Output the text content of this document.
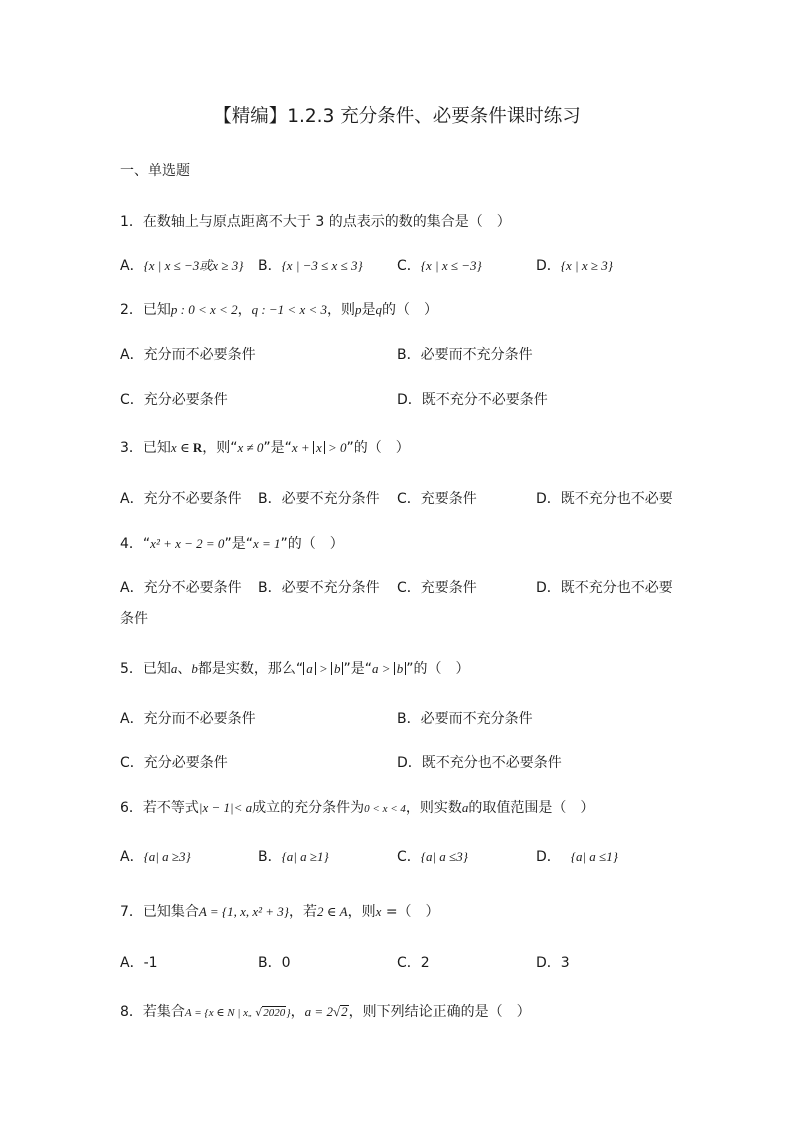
【精编】1.2.3 充分条件、必要条件课时练习
一、单选题
1．在数轴上与原点距离不大于 3 的点表示的数的集合是（　）
A．{x | x ≤ −3或x ≥ 3} B．{x | −3 ≤ x ≤ 3} C．{x | x ≤ −3}	D．{x | x ≥ 3}
2．已知p : 0 < x < 2，q : −1 < x < 3，则p是q的（　）
A．充分而不必要条件	B．必要而不充分条件
C．充分必要条件	D．既不充分不必要条件
3．已知x ∈ R，则“x ≠ 0”是“x + x > 0”的（　）
A．充分不必要条件 B．必要不充分条件 C．充要条件	D．既不充分也不必要
4．“x² + x − 2 = 0”是“x = 1”的（　）
A．充分不必要条件 B．必要不充分条件 C．充要条件	D．既不充分也不必要
条件
5．已知a、b都是实数，那么“ a > b ”是“a > b ”的（　）
A．充分而不必要条件	B．必要而不充分条件
C．充分必要条件	D．既不充分也不必要条件
6．若不等式|x − 1|< a成立的充分条件为0 < x < 4，则实数a的取值范围是（　）
A．{a| a ≥3}	B．{a| a ≥1}	C．{a| a ≤3}	D． {a| a ≤1}
7．已知集合A = {1, x, x² + 3}，若2 ∈ A，则x =（　）
A．-1	B．0	C．2	D．3
8．若集合A = {x ∈ N | x„ √2020}，a = 2√2，则下列结论正确的是（　）
